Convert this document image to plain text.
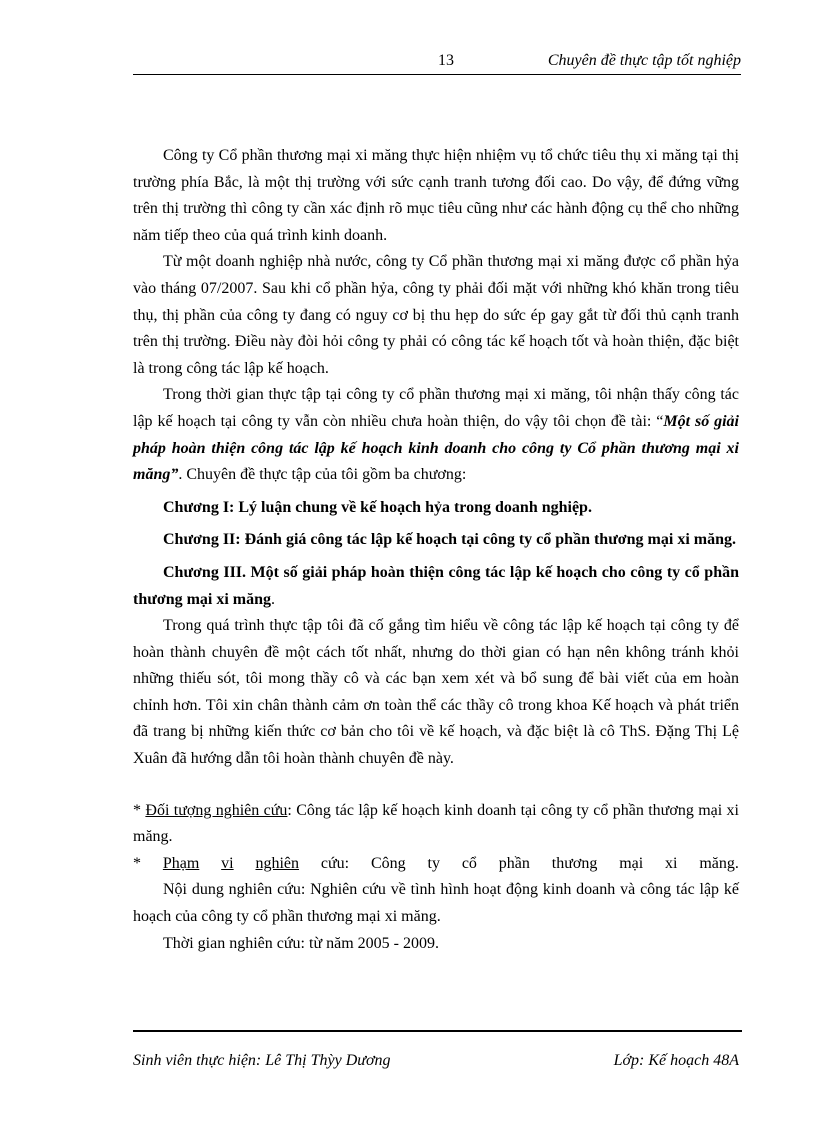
13	Chuyên đề thực tập tốt nghiệp

Công ty Cổ phần thương mại xi măng thực hiện nhiệm vụ tổ chức tiêu thụ xi măng tại thị trường phía Bắc, là một thị trường với sức cạnh tranh tương đối cao. Do vậy, để đứng vững trên thị trường thì công ty cần xác định rõ mục tiêu cũng như các hành động cụ thể cho những năm tiếp theo của quá trình kinh doanh.

Từ một doanh nghiệp nhà nước, công ty Cổ phần thương mại xi măng được cổ phần hỷa vào tháng 07/2007. Sau khi cổ phần hỷa, công ty phải đối mặt với những khó khăn trong tiêu thụ, thị phần của công ty đang có nguy cơ bị thu hẹp do sức ép gay gắt từ đối thủ cạnh tranh trên thị trường. Điều này đòi hỏi công ty phải có công tác kế hoạch tốt và hoàn thiện, đặc biệt là trong công tác lập kế hoạch.

Trong thời gian thực tập tại công ty cổ phần thương mại xi măng, tôi nhận thấy công tác lập kế hoạch tại công ty vẫn còn nhiều chưa hoàn thiện, do vậy tôi chọn đề tài: “Một số giải pháp hoàn thiện công tác lập kế hoạch kinh doanh cho công ty Cổ phần thương mại xi măng”. Chuyên đề thực tập của tôi gồm ba chương:

Chương I: Lý luận chung về kế hoạch hỷa trong doanh nghiệp.

Chương II: Đánh giá công tác lập kế hoạch tại công ty cổ phần thương mại xi măng.

Chương III. Một số giải pháp hoàn thiện công tác lập kế hoạch cho công ty cổ phần thương mại xi măng.

Trong quá trình thực tập tôi đã cố gắng tìm hiểu về công tác lập kế hoạch tại công ty để hoàn thành chuyên đề một cách tốt nhất, nhưng do thời gian có hạn nên không tránh khỏi những thiếu sót, tôi mong thầy cô và các bạn xem xét và bổ sung để bài viết của em hoàn chỉnh hơn. Tôi xin chân thành cảm ơn toàn thể các thầy cô trong khoa Kế hoạch và phát triển đã trang bị những kiến thức cơ bản cho tôi về kế hoạch, và đặc biệt là cô ThS. Đặng Thị Lệ Xuân đã hướng dẫn tôi hoàn thành chuyên đề này.

* Đối tượng nghiên cứu: Công tác lập kế hoạch kinh doanh tại công ty cổ phần thương mại xi măng.

* Phạm vi nghiên cứu: Công ty cổ phần thương mại xi măng.

Nội dung nghiên cứu: Nghiên cứu về tình hình hoạt động kinh doanh và công tác lập kế hoạch của công ty cổ phần thương mại xi măng.

Thời gian nghiên cứu: từ năm 2005 - 2009.

Sinh viên thực hiện: Lê Thị Thỳy Dương	Lớp: Kế hoạch 48A
